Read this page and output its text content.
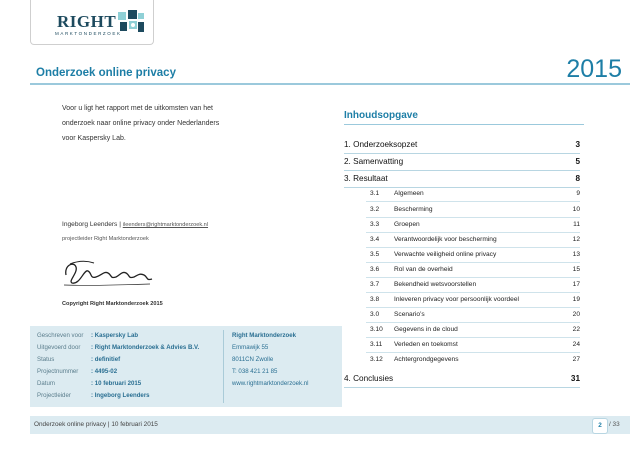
RIGHT
MARKTONDERZOEK
Onderzoek online privacy	2015
Voor u ligt het rapport met de uitkomsten van het
onderzoek naar online privacy onder Nederlanders
voor Kaspersky Lab.
Ingeborg Leenders | ileenders@rightmarktonderzoek.nl
projectleider Right Marktonderzoek
Copyright Right Marktonderzoek 2015
Geschreven voor : Kaspersky Lab
Uitgevoerd door : Right Marktonderzoek & Advies B.V.
Status	: definitief
Projectnummer : 4495-02
Datum	: 10 februari 2015
Projectleider	: Ingeborg Leenders
Right Marktonderzoek
Emmawijk 55
8011CN Zwolle
T: 038 421 21 85
www.rightmarktonderzoek.nl
Inhoudsopgave
1. Onderzoeksopzet	3
2. Samenvatting	5
3. Resultaat	8
3.1 Algemeen	9
3.2 Bescherming	10
3.3 Groepen	11
3.4 Verantwoordelijk voor bescherming	12
3.5 Verwachte veiligheid online privacy	13
3.6 Rol van de overheid	15
3.7 Bekendheid wetsvoorstellen	17
3.8 Inleveren privacy voor persoonlijk voordeel	19
3.0 Scenario’s	20
3.10 Gegevens in de cloud	22
3.11 Verleden en toekomst	24
3.12 Achtergrondgegevens	27
4. Conclusies	31
Onderzoek online privacy | 10 februari 2015	2	/ 33
